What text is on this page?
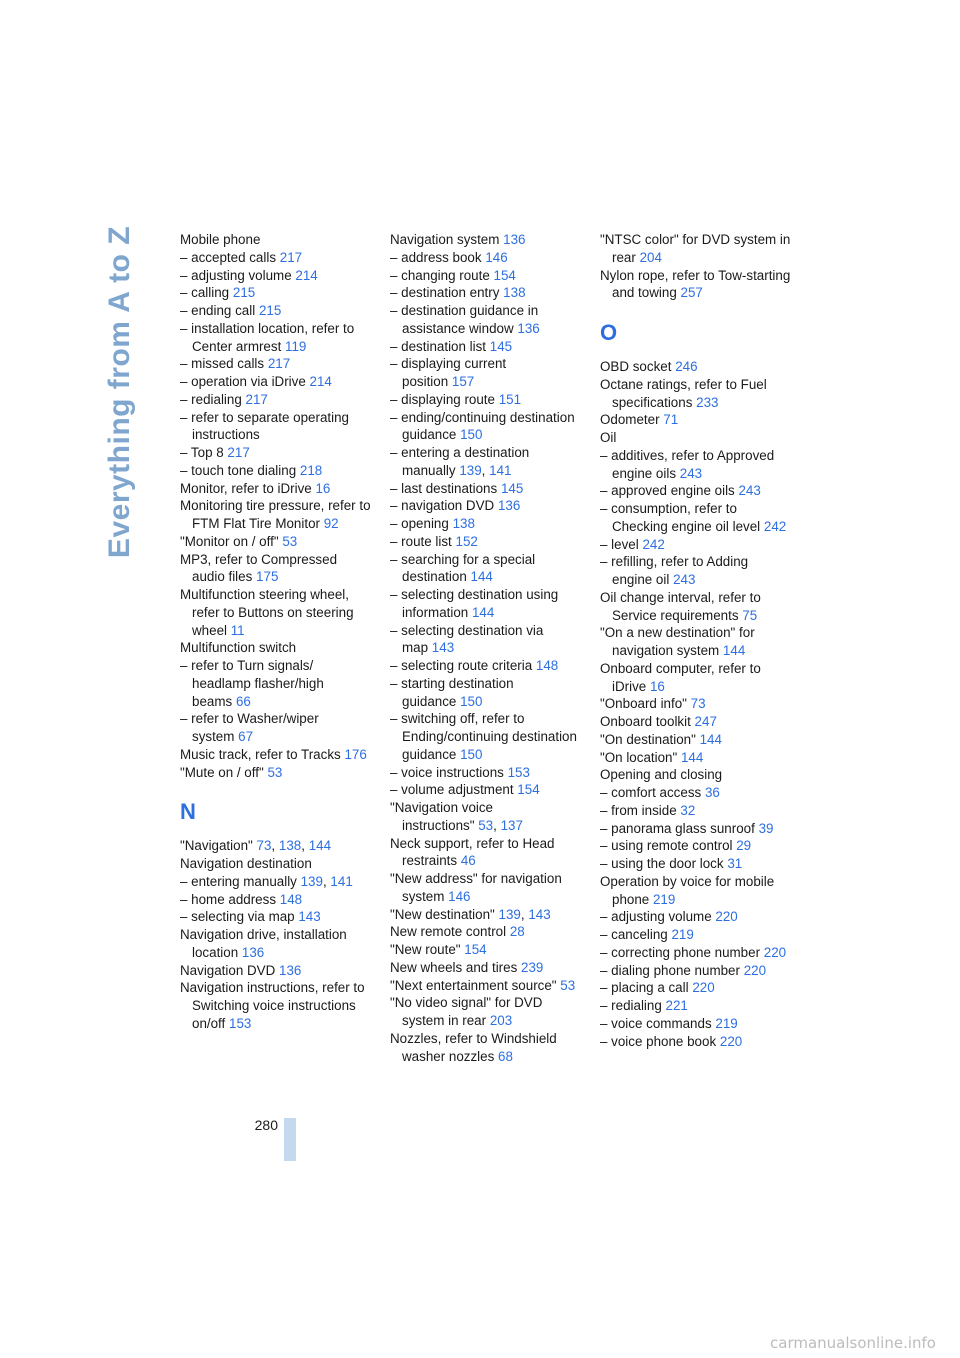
Everything from A to Z	Mobile phone
– accepted calls 217
– adjusting volume 214
– calling 215
– ending call 215
– installation location, refer to Center armrest 119
– missed calls 217
– operation via iDrive 214
– redialing 217
– refer to separate operating instructions
– Top 8 217
– touch tone dialing 218
Monitor, refer to iDrive 16
Monitoring tire pressure, refer to FTM Flat Tire Monitor 92
"Monitor on / off" 53
MP3, refer to Compressed audio files 175
Multifunction steering wheel, refer to Buttons on steering wheel 11
Multifunction switch
– refer to Turn signals/ headlamp flasher/high beams 66
– refer to Washer/wiper system 67
Music track, refer to Tracks 176
"Mute on / off" 53
N
"Navigation" 73, 138, 144
Navigation destination
– entering manually 139, 141
– home address 148
– selecting via map 143
Navigation drive, installation location 136
Navigation DVD 136
Navigation instructions, refer to Switching voice instructions on/off 153
Navigation system 136
– address book 146
– changing route 154
– destination entry 138
– destination guidance in assistance window 136
– destination list 145
– displaying current position 157
– displaying route 151
– ending/continuing destination guidance 150
– entering a destination manually 139, 141
– last destinations 145
– navigation DVD 136
– opening 138
– route list 152
– searching for a special destination 144
– selecting destination using information 144
– selecting destination via map 143
– selecting route criteria 148
– starting destination guidance 150
– switching off, refer to Ending/continuing destination guidance 150
– voice instructions 153
– volume adjustment 154
"Navigation voice instructions" 53, 137
Neck support, refer to Head restraints 46
"New address" for navigation system 146
"New destination" 139, 143
New remote control 28
"New route" 154
New wheels and tires 239
"Next entertainment source" 53
"No video signal" for DVD system in rear 203
Nozzles, refer to Windshield washer nozzles 68
"NTSC color" for DVD system in rear 204
Nylon rope, refer to Tow-starting and towing 257
O
OBD socket 246
Octane ratings, refer to Fuel specifications 233
Odometer 71
Oil
– additives, refer to Approved engine oils 243
– approved engine oils 243
– consumption, refer to Checking engine oil level 242
– level 242
– refilling, refer to Adding engine oil 243
Oil change interval, refer to Service requirements 75
"On a new destination" for navigation system 144
Onboard computer, refer to iDrive 16
"Onboard info" 73
Onboard toolkit 247
"On destination" 144
"On location" 144
Opening and closing
– comfort access 36
– from inside 32
– panorama glass sunroof 39
– using remote control 29
– using the door lock 31
Operation by voice for mobile phone 219
– adjusting volume 220
– canceling 219
– correcting phone number 220
– dialing phone number 220
– placing a call 220
– redialing 221
– voice commands 219
– voice phone book 220
280
carmanualsonline.info
